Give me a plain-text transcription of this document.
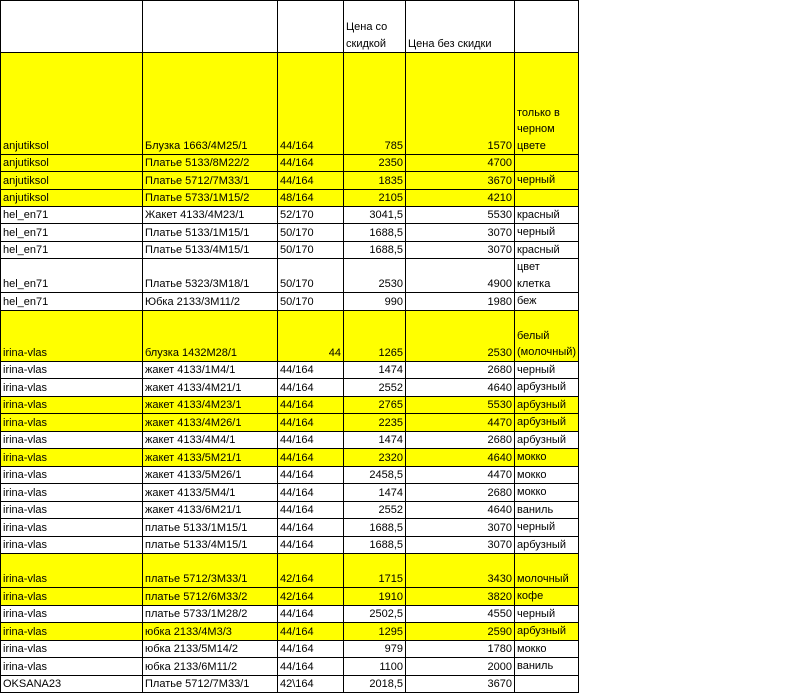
			Цена со скидкой	Цена без скидки	
anjutiksol	Блузка 1663/4М25/1	44/164	785	1570	только в черном цвете
anjutiksol	Платье 5133/8М22/2	44/164	2350	4700	
anjutiksol	Платье 5712/7М33/1	44/164	1835	3670	черный
anjutiksol	Платье 5733/1М15/2	48/164	2105	4210	
hel_en71	Жакет 4133/4М23/1	52/170	3041,5	5530	красный
hel_en71	Платье 5133/1М15/1	50/170	1688,5	3070	черный
hel_en71	Платье 5133/4М15/1	50/170	1688,5	3070	красный
hel_en71	Платье 5323/3М18/1	50/170	2530	4900	цвет клетка
hel_en71	Юбка 2133/3М11/2	50/170	990	1980	беж
irina-vlas	блузка 1432М28/1	44	1265	2530	белый (молочный)
irina-vlas	жакет 4133/1М4/1	44/164	1474	2680	черный
irina-vlas	жакет 4133/4М21/1	44/164	2552	4640	арбузный
irina-vlas	жакет 4133/4М23/1	44/164	2765	5530	арбузный
irina-vlas	жакет 4133/4М26/1	44/164	2235	4470	арбузный
irina-vlas	жакет 4133/4М4/1	44/164	1474	2680	арбузный
irina-vlas	жакет 4133/5М21/1	44/164	2320	4640	мокко
irina-vlas	жакет 4133/5М26/1	44/164	2458,5	4470	мокко
irina-vlas	жакет 4133/5М4/1	44/164	1474	2680	мокко
irina-vlas	жакет 4133/6М21/1	44/164	2552	4640	ваниль
irina-vlas	платье 5133/1М15/1	44/164	1688,5	3070	черный
irina-vlas	платье 5133/4М15/1	44/164	1688,5	3070	арбузный
irina-vlas	платье 5712/3М33/1	42/164	1715	3430	молочный
irina-vlas	платье 5712/6М33/2	42/164	1910	3820	кофе
irina-vlas	платье 5733/1М28/2	44/164	2502,5	4550	черный
irina-vlas	юбка 2133/4М3/3	44/164	1295	2590	арбузный
irina-vlas	юбка 2133/5М14/2	44/164	979	1780	мокко
irina-vlas	юбка 2133/6М11/2	44/164	1100	2000	ваниль
OKSANA23	Платье 5712/7М33/1	42\164	2018,5	3670	
